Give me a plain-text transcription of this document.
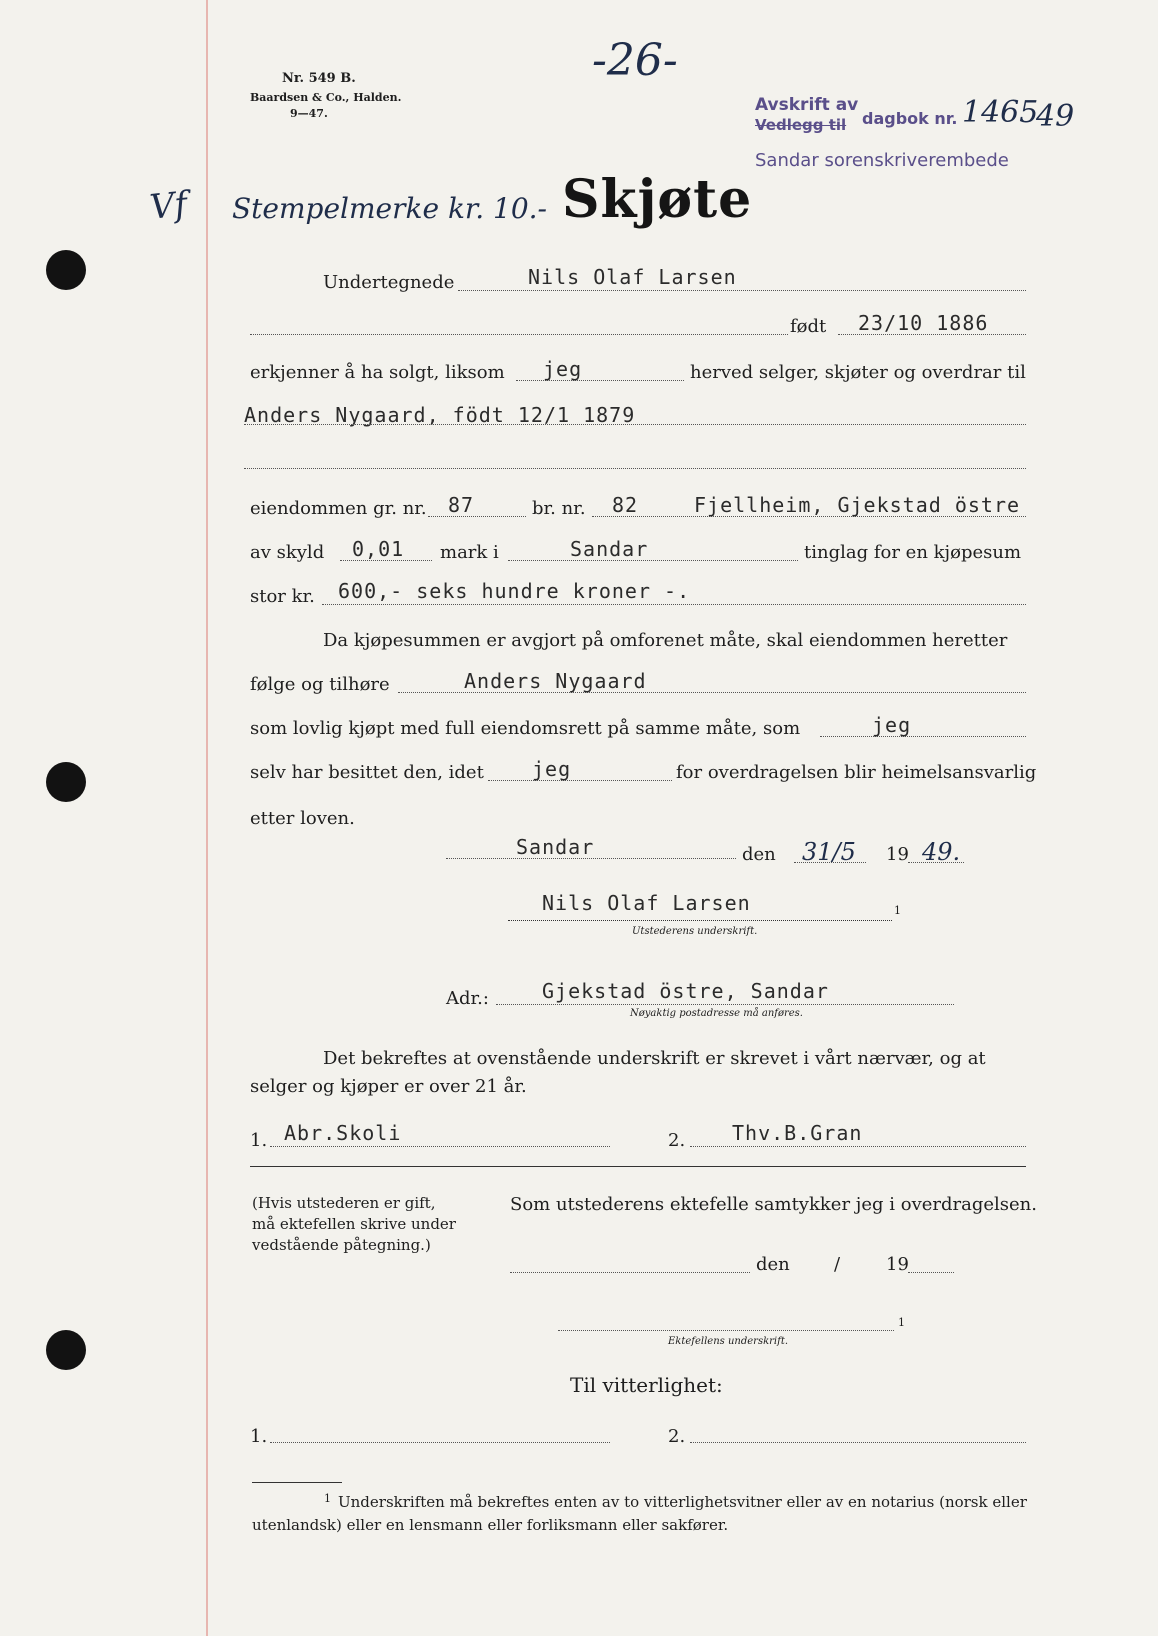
Nr. 549 B.
Baardsen & Co., Halden.
9—47.
-26-
Avskrift av
Vedlegg til dagbok nr. 1465
49
Sandar sorenskriverembede
Vf Stempelmerke kr. 10.- Skjøte
Undertegnede	Nils Olaf Larsen
født 23/10 1886
erkjenner å ha solgt, liksom jeg	herved selger, skjøter og overdrar til
Anders Nygaard, födt 12/1 1879
eiendommen gr. nr. 87	br. nr. 82	Fjellheim, Gjekstad östre
av skyld 0,01 mark i	Sandar	tinglag for en kjøpesum
stor kr. 600,- seks hundre kroner -.
Da kjøpesummen er avgjort på omforenet måte, skal eiendommen heretter
følge og tilhøre	Anders Nygaard
som lovlig kjøpt med full eiendomsrett på samme måte, som	jeg
selv har besittet den, idet jeg	for overdragelsen blir heimelsansvarlig
etter loven.
Sandar	den 31/5 19 49.
Nils Olaf Larsen	1
Utstederens underskrift.
Adr.:	Gjekstad östre, Sandar
Nøyaktig postadresse må anføres.
Det bekreftes at ovenstående underskrift er skrevet i vårt nærvær, og at
selger og kjøper er over 21 år.
1. Abr.Skoli	2. Thv.B.Gran
(Hvis utstederen er gift,
må ektefellen skrive under
vedstående påtegning.)
Som utstederens ektefelle samtykker jeg i overdragelsen.
den /	19
1
Ektefellens underskrift.
Til vitterlighet:
1.	2.
1 Underskriften må bekreftes enten av to vitterlighetsvitner eller av en notarius (norsk eller
utenlandsk) eller en lensmann eller forliksmann eller sakfører.
